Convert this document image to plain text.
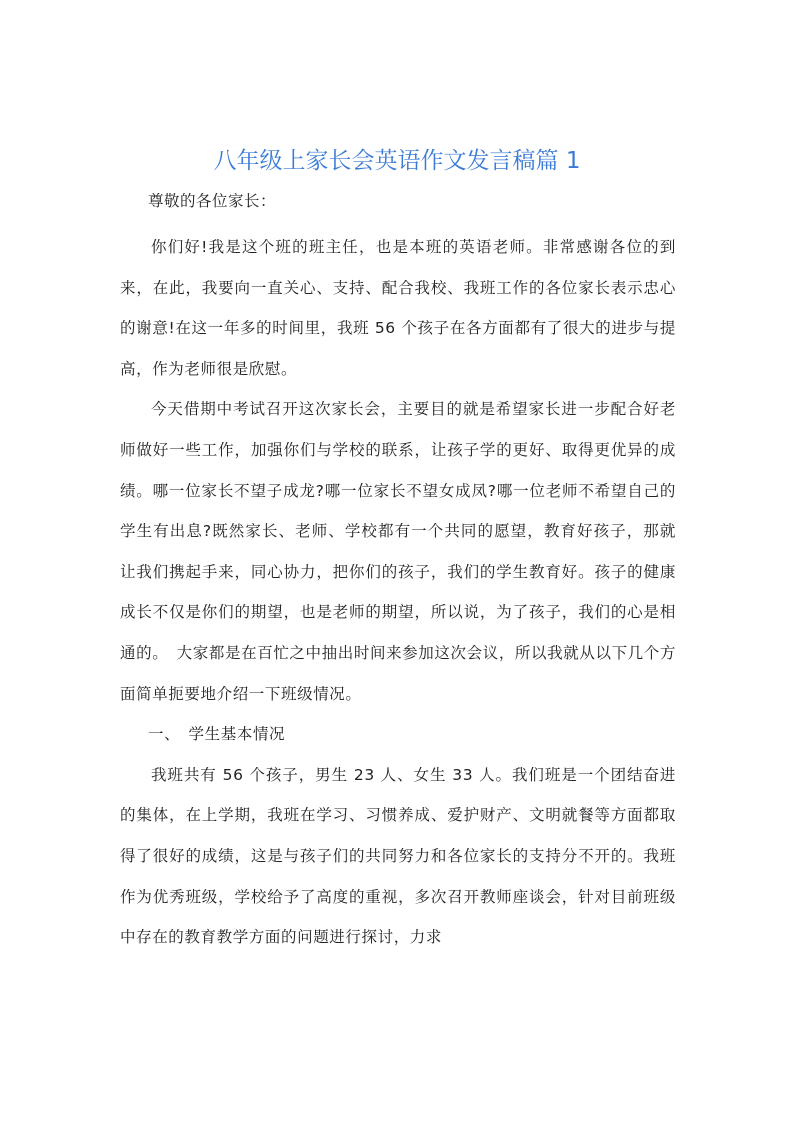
八年级上家长会英语作文发言稿篇 1

尊敬的各位家长：

你们好!我是这个班的班主任，也是本班的英语老师。非常感谢各位的到来，在此，我要向一直关心、支持、配合我校、我班工作的各位家长表示忠心的谢意!在这一年多的时间里，我班 56 个孩子在各方面都有了很大的进步与提高，作为老师很是欣慰。

今天借期中考试召开这次家长会，主要目的就是希望家长进一步配合好老师做好一些工作，加强你们与学校的联系，让孩子学的更好、取得更优异的成绩。哪一位家长不望子成龙?哪一位家长不望女成凤?哪一位老师不希望自己的学生有出息?既然家长、老师、学校都有一个共同的愿望，教育好孩子，那就让我们携起手来，同心协力，把你们的孩子，我们的学生教育好。孩子的健康成长不仅是你们的期望，也是老师的期望，所以说，为了孩子，我们的心是相通的。　大家都是在百忙之中抽出时间来参加这次会议，所以我就从以下几个方面简单扼要地介绍一下班级情况。

一、　学生基本情况

我班共有 56 个孩子，男生 23 人、女生 33 人。我们班是一个团结奋进的集体，在上学期，我班在学习、习惯养成、爱护财产、文明就餐等方面都取得了很好的成绩，这是与孩子们的共同努力和各位家长的支持分不开的。我班作为优秀班级，学校给予了高度的重视，多次召开教师座谈会，针对目前班级中存在的教育教学方面的问题进行探讨，力求
